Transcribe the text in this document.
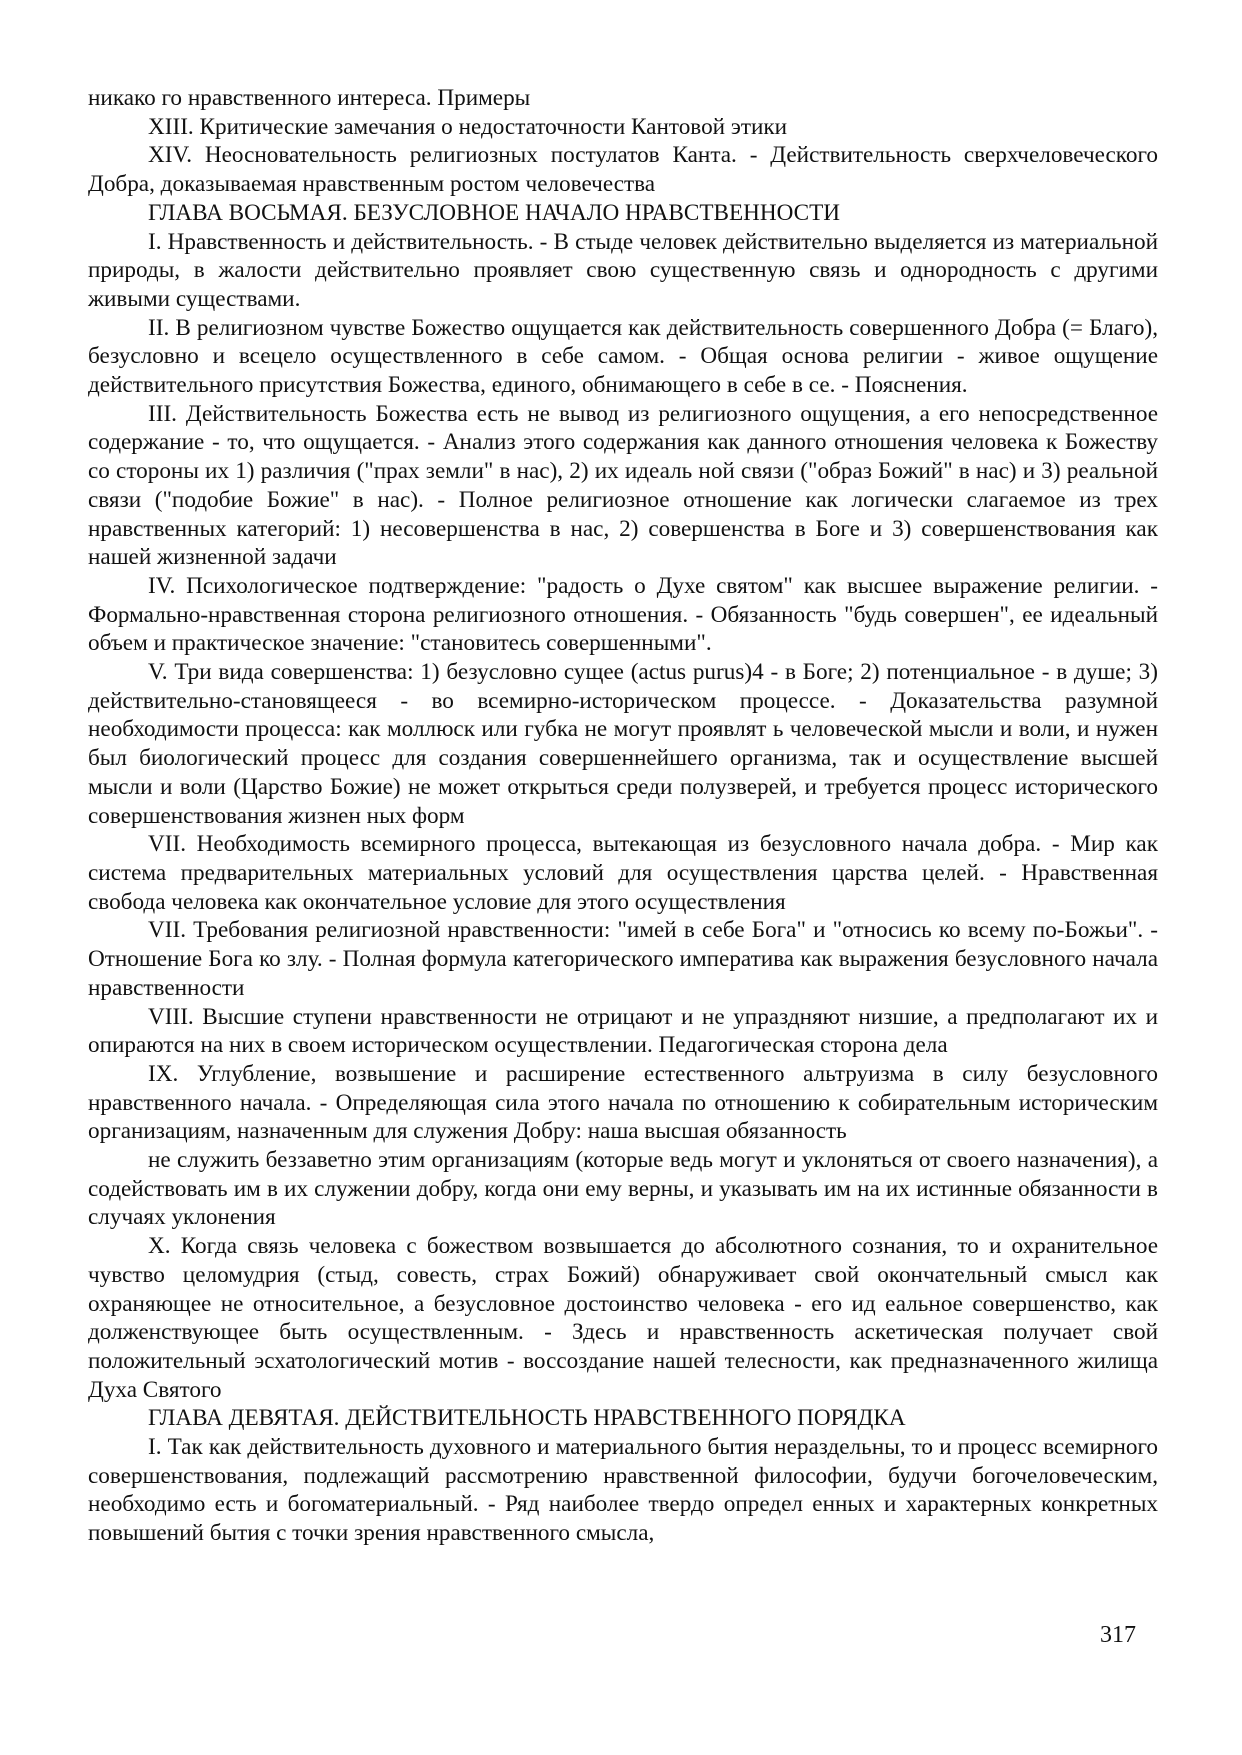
никако го нравственного интереса. Примеры

XIII. Критические замечания о недостаточности Кантовой этики

XIV. Неосновательность религиозных постулатов Канта. - Действительность сверхчеловеческого Добра, доказываемая нравственным ростом человечества

ГЛАВА ВОСЬМАЯ. БЕЗУСЛОВНОЕ НАЧАЛО НРАВСТВЕННОСТИ

I. Нравственность и действительность. - В стыде человек действительно выделяется из материальной природы, в жалости действительно проявляет свою существенную связь и однородность с другими живыми существами.

II. В религиозном чувстве Божество ощущается как действительность совершенного Добра (= Благо), безусловно и всецело осуществленного в себе самом. - Общая основа религии - живое ощущение действительного присутствия Божества, единого, обнимающего в себе в се. - Пояснения.

III. Действительность Божества есть не вывод из религиозного ощущения, а его непосредственное содержание - то, что ощущается. - Анализ этого содержания как данного отношения человека к Божеству со стороны их 1) различия ("прах земли" в нас), 2) их идеаль ной связи ("образ Божий" в нас) и 3) реальной связи ("подобие Божие" в нас). - Полное религиозное отношение как логически слагаемое из трех нравственных категорий: 1) несовершенства в нас, 2) совершенства в Боге и 3) совершенствования как нашей жизненной задачи

IV. Психологическое подтверждение: "радость о Духе святом" как высшее выражение религии. - Формально-нравственная сторона религиозного отношения. - Обязанность "будь совершен", ее идеальный объем и практическое значение: "становитесь совершенными".

V. Три вида совершенства: 1) безусловно сущее (actus purus)4 - в Боге; 2) потенциальное - в душе; 3) действительно-становящееся - во всемирно-историческом процессе. - Доказательства разумной необходимости процесса: как моллюск или губка не могут проявлят ь человеческой мысли и воли, и нужен был биологический процесс для создания совершеннейшего организма, так и осуществление высшей мысли и воли (Царство Божие) не может открыться среди полузверей, и требуется процесс исторического совершенствования жизнен ных форм

VII. Необходимость всемирного процесса, вытекающая из безусловного начала добра. - Мир как система предварительных материальных условий для осуществления царства целей. - Нравственная свобода человека как окончательное условие для этого осуществления

VII. Требования религиозной нравственности: "имей в себе Бога" и "относись ко всему по-Божьи". - Отношение Бога ко злу. - Полная формула категорического императива как выражения безусловного начала нравственности

VIII. Высшие ступени нравственности не отрицают и не упраздняют низшие, а предполагают их и опираются на них в своем историческом осуществлении. Педагогическая сторона дела

IX. Углубление, возвышение и расширение естественного альтруизма в силу безусловного нравственного начала. - Определяющая сила этого начала по отношению к собирательным историческим организациям, назначенным для служения Добру: наша высшая обязанность

не служить беззаветно этим организациям (которые ведь могут и уклоняться от своего назначения), а содействовать им в их служении добру, когда они ему верны, и указывать им на их истинные обязанности в случаях уклонения

X. Когда связь человека с божеством возвышается до абсолютного сознания, то и охранительное чувство целомудрия (стыд, совесть, страх Божий) обнаруживает свой окончательный смысл как охраняющее не относительное, а безусловное достоинство человека - его ид еальное совершенство, как долженствующее быть осуществленным. - Здесь и нравственность аскетическая получает свой положительный эсхатологический мотив - воссоздание нашей телесности, как предназначенного жилища Духа Святого

ГЛАВА ДЕВЯТАЯ. ДЕЙСТВИТЕЛЬНОСТЬ НРАВСТВЕННОГО ПОРЯДКА

I. Так как действительность духовного и материального бытия нераздельны, то и процесс всемирного совершенствования, подлежащий рассмотрению нравственной философии, будучи богочеловеческим, необходимо есть и богоматериальный. - Ряд наиболее твердо определ енных и характерных конкретных повышений бытия с точки зрения нравственного смысла,

317
